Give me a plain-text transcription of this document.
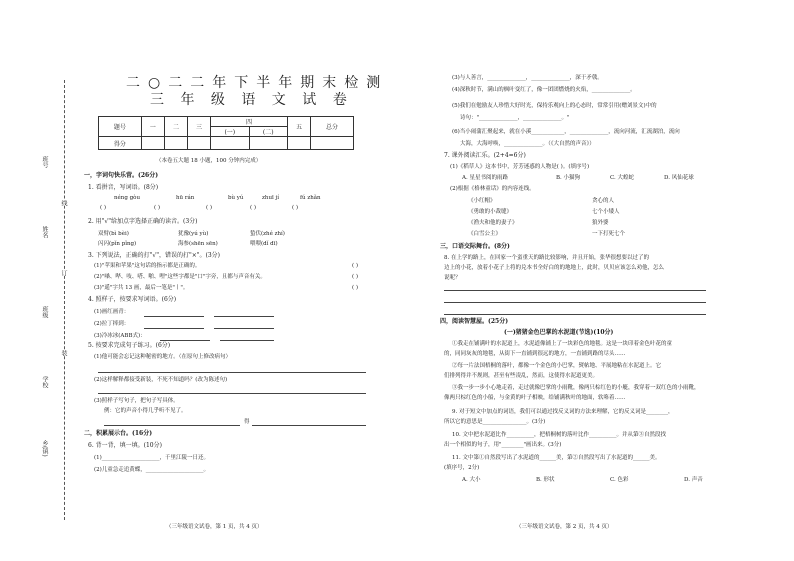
班号
姓名
班级
学校
乡(镇)
线
订
装
二○二二年下半年期末检测
三 年 级 语 文 试 卷
题号	一	二	三	四		五	总分
				(一)	(二)		
得分							
（本卷五大题 18 小题，100 分钟内完成）
一，字词句快乐营。(26分)
1. 看拼音，写词语。(8分)
néng gòu	hū rán	bù yú	zhuī jí	fú zhǎn
( )	( )	( )	( )	( )
2. 用"√"给加点字选择正确的读音。(3分)
双臂(bì bèi)	犹豫(yú yù)	蛰伏(zhé zhí)
闪闪(pǐn pǐng)	海参(shēn sēn)	喂喂(dǐ dī)
3. 下列说法，正确的打"√"，错误的打"×"。(3分)
(1)"苹果和苹果"这句话的指示都是正确的。
(2)"嗓、哔、吱、嗒、啪、哩"这些字都是"口"字旁，且都与声音有关。
(3)"遥"字共 13 画，最后一笔是"丨"。
( )
( )
( )
4. 照样子，按要求写词语。(6分)
(1)画红画青：
(2)拉丁摔到：
(3)冷冰冰(ABB式)：
5. 按要求完成句子练习。(6分)
(1)他可能会忘记这种秘密的地方。（在原句上修改病句）
(2)这样解释都接受新装，不死不知道吗？(改为陈述句)
(3)照样子写句子，把句子写具体。
例：它的声音小得几乎听不见了。
得
二，积累展示台。(16分)
6. 背一背，填一填。(10分)
(1)_____________________，千里江陵一日还。
(2)儿童急走追黄蝶，_____________________。
（三年级语文试卷，第 1 页，共 4 页）
(3)与人善言，______________，______________，深于矛戟。
(4)深秋时节，满山的枫叶变红了，像一团团燃烧的火焰，______________。
(5)我们在勉励友人珍惜大好时光，保持乐观向上的心态时，常常引用(赠刘景文)中的
诗句："______________，______________。"
(6)当小闹蒲汇聚起来，就在小溪____________，______________，流向河流，汇流湖泊，流向
大海，大海呼唤，______________。（《大自然的声音》）
7. 课外阅读汇乐。(2+4=6分)
(1)《稻草人》这本书中，芳芳迷惑的人物是( )。(填序号)
A. 星星书阅的雨路	B. 小猫狗	C. 大蝗蛇	D. 风仙花球
(2)根据《格林童话》的内容连线。
《小红帽》
《勇敢的小裁缝》
《渔夫和他的妻子》
《白雪公主》
贪心的人
七个小矮人
狼外婆
一下打死七个
三，口语交际舞台。(8分)
8. 在上学的路上，在回家一个蛮重天的路比较影响，并且开始，张华很想要以过了的
边上的小花，放着小花子上将的兑本书全好白的的地地上，此时，贝贝应该怎么劝他，怎么
说呢？
四，阅读智慧屋。(25分)
(一)猪猪金色巴掌的水泥道(节选)(10分)
①我走在铺满叶的水泥道上，水泥道像铺上了一块彩色的地毯。这是一块印着金色叶花的童
的，同同灰灰的地毯，从街下一直铺到很远的地方，一直铺到路的尽头……
②每一片法国梧桐的落叶，都像一个金色的小巴掌，熨帖地、平展地粘在水泥道上。它
们排列得并不规则，甚至有些凌乱，然而，这使得水泥道更美。
③我一步一步小心地走着，走过就像巴掌的小雨靴，像两只棕红色的小艇，我穿着一双红色的小雨靴，
像两只棕红色的小船，与金黄的叶子相映，给铺满秋叶的地面，软咯着……
9. 对于短文中加点的词语，我们可以通过找反义词的方法来理解，它的反义词是________，
所以它的意思是________________。(3分)
10. 文中把水泥道比作__________，把梧桐树的落叶比作__________。并从第③自然段找
出一个相似的句子，用"________"画出来。(3分)
11. 文中第①自然段写出了水泥道的______美，第②自然段写出了水泥道的______美。
(填序号，2分)
A. 大小	B. 形状	C. 色彩	D. 声音
（三年级语文试卷，第 2 页，共 4 页）
